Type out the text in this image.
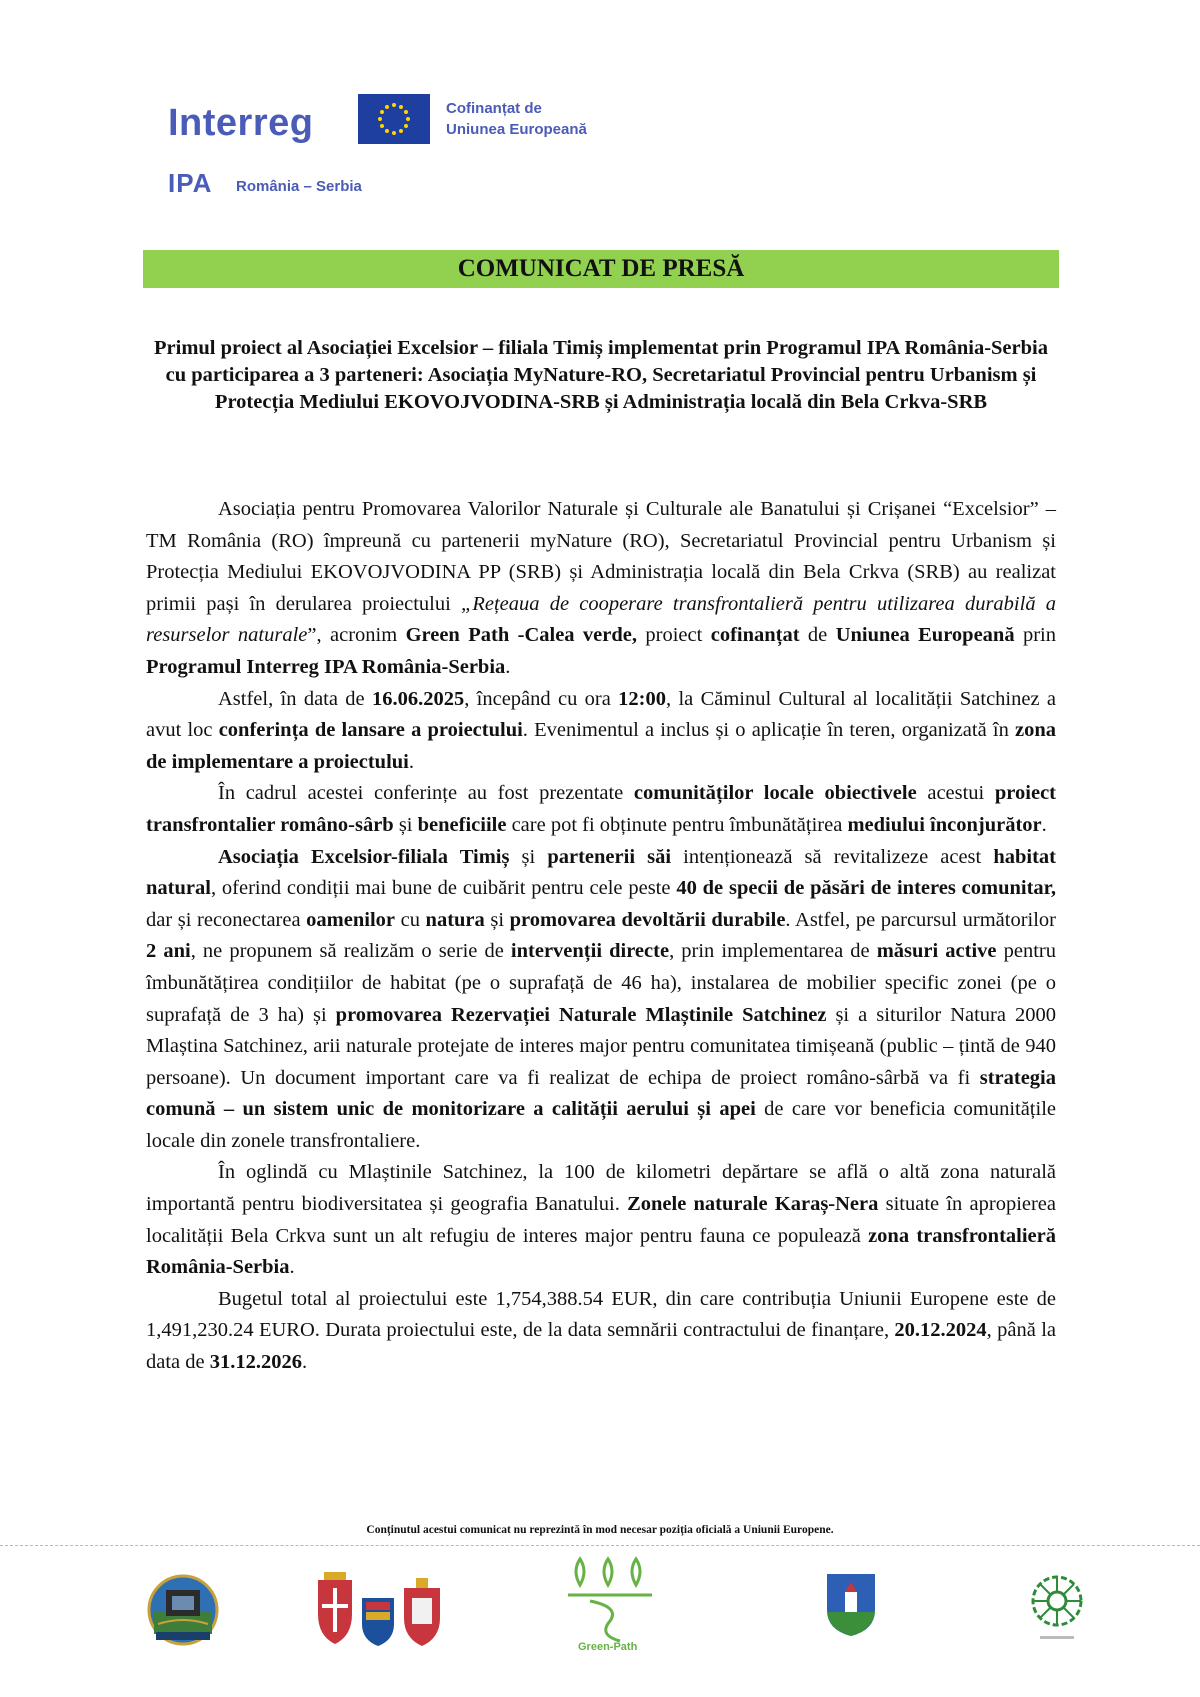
Interreg	Cofinanțat de
Uniunea Europeană
IPA România – Serbia
COMUNICAT DE PRESĂ

Primul proiect al Asociației Excelsior – filiala Timiș implementat prin Programul IPA România-Serbia cu participarea a 3 parteneri: Asociația MyNature-RO, Secretariatul Provincial pentru Urbanism și Protecția Mediului EKOVOJVODINA-SRB și Administrația locală din Bela Crkva-SRB

Asociația pentru Promovarea Valorilor Naturale și Culturale ale Banatului și Crișanei “Excelsior” – TM România (RO) împreună cu partenerii myNature (RO), Secretariatul Provincial pentru Urbanism și Protecția Mediului EKOVOJVODINA PP (SRB) și Administrația locală din Bela Crkva (SRB) au realizat primii pași în derularea proiectului „Rețeaua de cooperare transfrontalieră pentru utilizarea durabilă a resurselor naturale”, acronim Green Path -Calea verde, proiect cofinanțat de Uniunea Europeană prin Programul Interreg IPA România-Serbia.

Astfel, în data de 16.06.2025, începând cu ora 12:00, la Căminul Cultural al localității Satchinez a avut loc conferința de lansare a proiectului. Evenimentul a inclus și o aplicație în teren, organizată în zona de implementare a proiectului.

În cadrul acestei conferințe au fost prezentate comunităților locale obiectivele acestui proiect transfrontalier româno-sârb și beneficiile care pot fi obținute pentru îmbunătățirea mediului înconjurător.

Asociația Excelsior-filiala Timiș și partenerii săi intenționează să revitalizeze acest habitat natural, oferind condiții mai bune de cuibărit pentru cele peste 40 de specii de păsări de interes comunitar, dar și reconectarea oamenilor cu natura și promovarea devoltării durabile. Astfel, pe parcursul următorilor 2 ani, ne propunem să realizăm o serie de intervenții directe, prin implementarea de măsuri active pentru îmbunătățirea condițiilor de habitat (pe o suprafață de 46 ha), instalarea de mobilier specific zonei (pe o suprafață de 3 ha) și promovarea Rezervației Naturale Mlaștinile Satchinez și a siturilor Natura 2000 Mlaștina Satchinez, arii naturale protejate de interes major pentru comunitatea timișeană (public – țintă de 940 persoane). Un document important care va fi realizat de echipa de proiect româno-sârbă va fi strategia comună – un sistem unic de monitorizare a calității aerului și apei de care vor beneficia comunitățile locale din zonele transfrontaliere.

În oglindă cu Mlaștinile Satchinez, la 100 de kilometri depărtare se află o altă zona naturală importantă pentru biodiversitatea și geografia Banatului. Zonele naturale Karaș-Nera situate în apropierea localității Bela Crkva sunt un alt refugiu de interes major pentru fauna ce populează zona transfrontalieră România-Serbia.

Bugetul total al proiectului este 1,754,388.54 EUR, din care contribuția Uniunii Europene este de 1,491,230.24 EURO. Durata proiectului este, de la data semnării contractului de finanțare, 20.12.2024, până la data de 31.12.2026.

Conținutul acestui comunicat nu reprezintă în mod necesar poziția oficială a Uniunii Europene.
Green-Path
